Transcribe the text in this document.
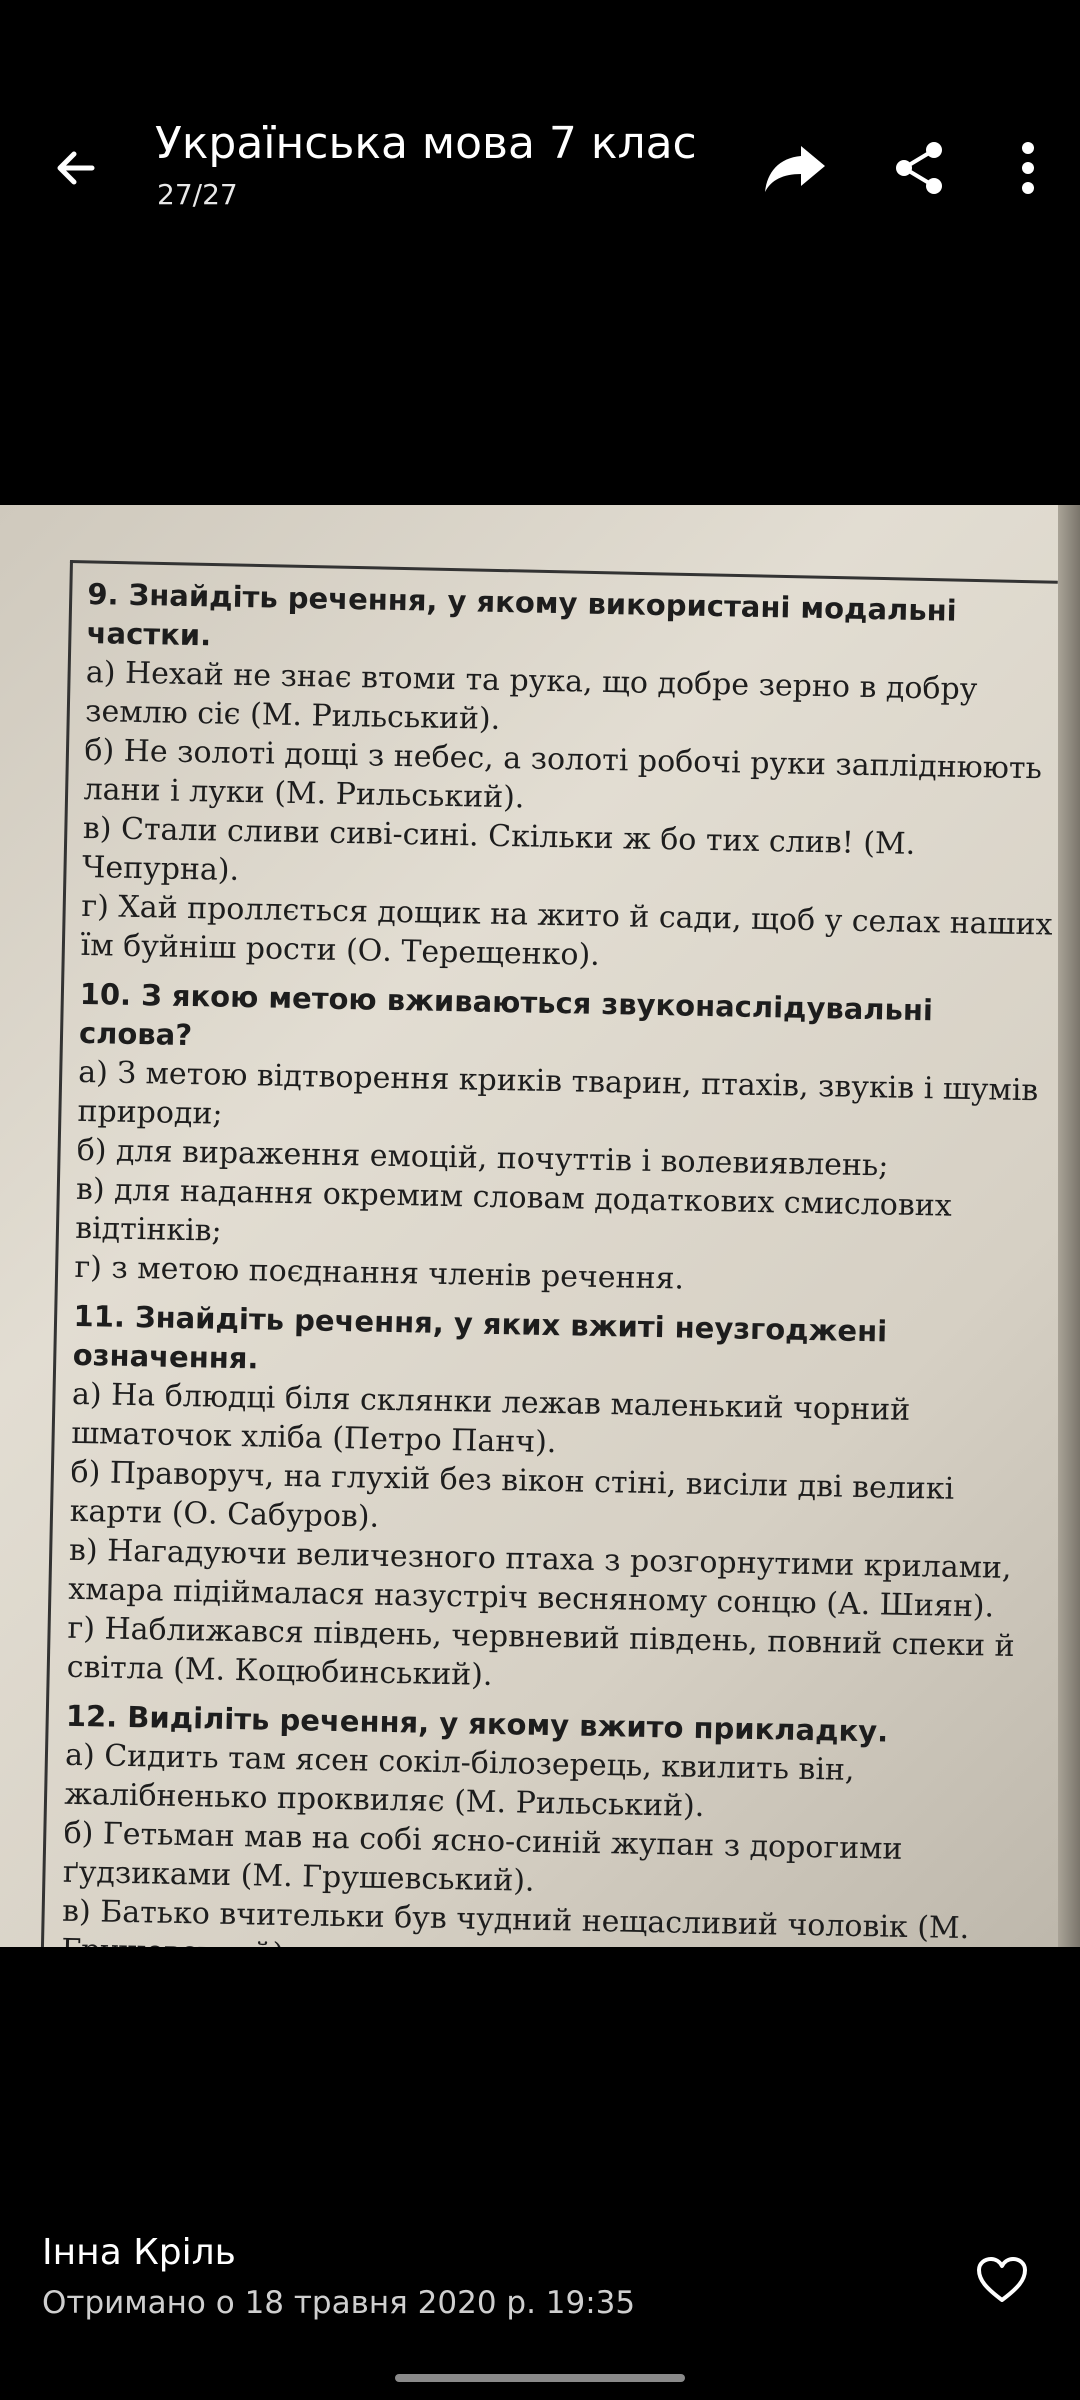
Українська мова 7 клас
27/27
9. Знайдіть речення, у якому використані модальні частки.

а) Нехай не знає втоми та рука, що добре зерно в добру землю сіє (М. Рильський).

б) Не золоті дощі з небес, а золоті робочі руки запліднюють лани і луки (М. Рильський).

в) Стали сливи сиві-сині. Скільки ж бо тих слив! (М. Чепурна).

г) Хай проллється дощик на жито й сади, щоб у селах наших їм буйніш рости (О. Терещенко).

10. З якою метою вживаються звуконаслідувальні слова?

а) З метою відтворення криків тварин, птахів, звуків і шумів природи;

б) для вираження емоцій, почуттів і волевиявлень;

в) для надання окремим словам додаткових смислових відтінків;

г) з метою поєднання членів речення.

11. Знайдіть речення, у яких вжиті неузгоджені означення.

а) На блюдці біля склянки лежав маленький чорний шматочок хліба (Петро Панч).

б) Праворуч, на глухій без вікон стіні, висіли дві великі карти (О. Сабуров).

в) Нагадуючи величезного птаха з розгорнутими крилами, хмара підіймалася назустріч весняному сонцю (А. Шиян).

г) Наближався південь, червневий південь, повний спеки й світла (М. Коцюбинський).

12. Виділіть речення, у якому вжито прикладку.

а) Сидить там ясен сокіл-білозерець, квилить він, жалібненько проквиляє (М. Рильський).

б) Гетьман мав на собі ясно-синій жупан з дорогими ґудзиками (М. Грушевський).

в) Батько вчительки був чудний нещасливий чоловік (М.

Інна Кріль
Отримано о 18 травня 2020 р. 19:35
